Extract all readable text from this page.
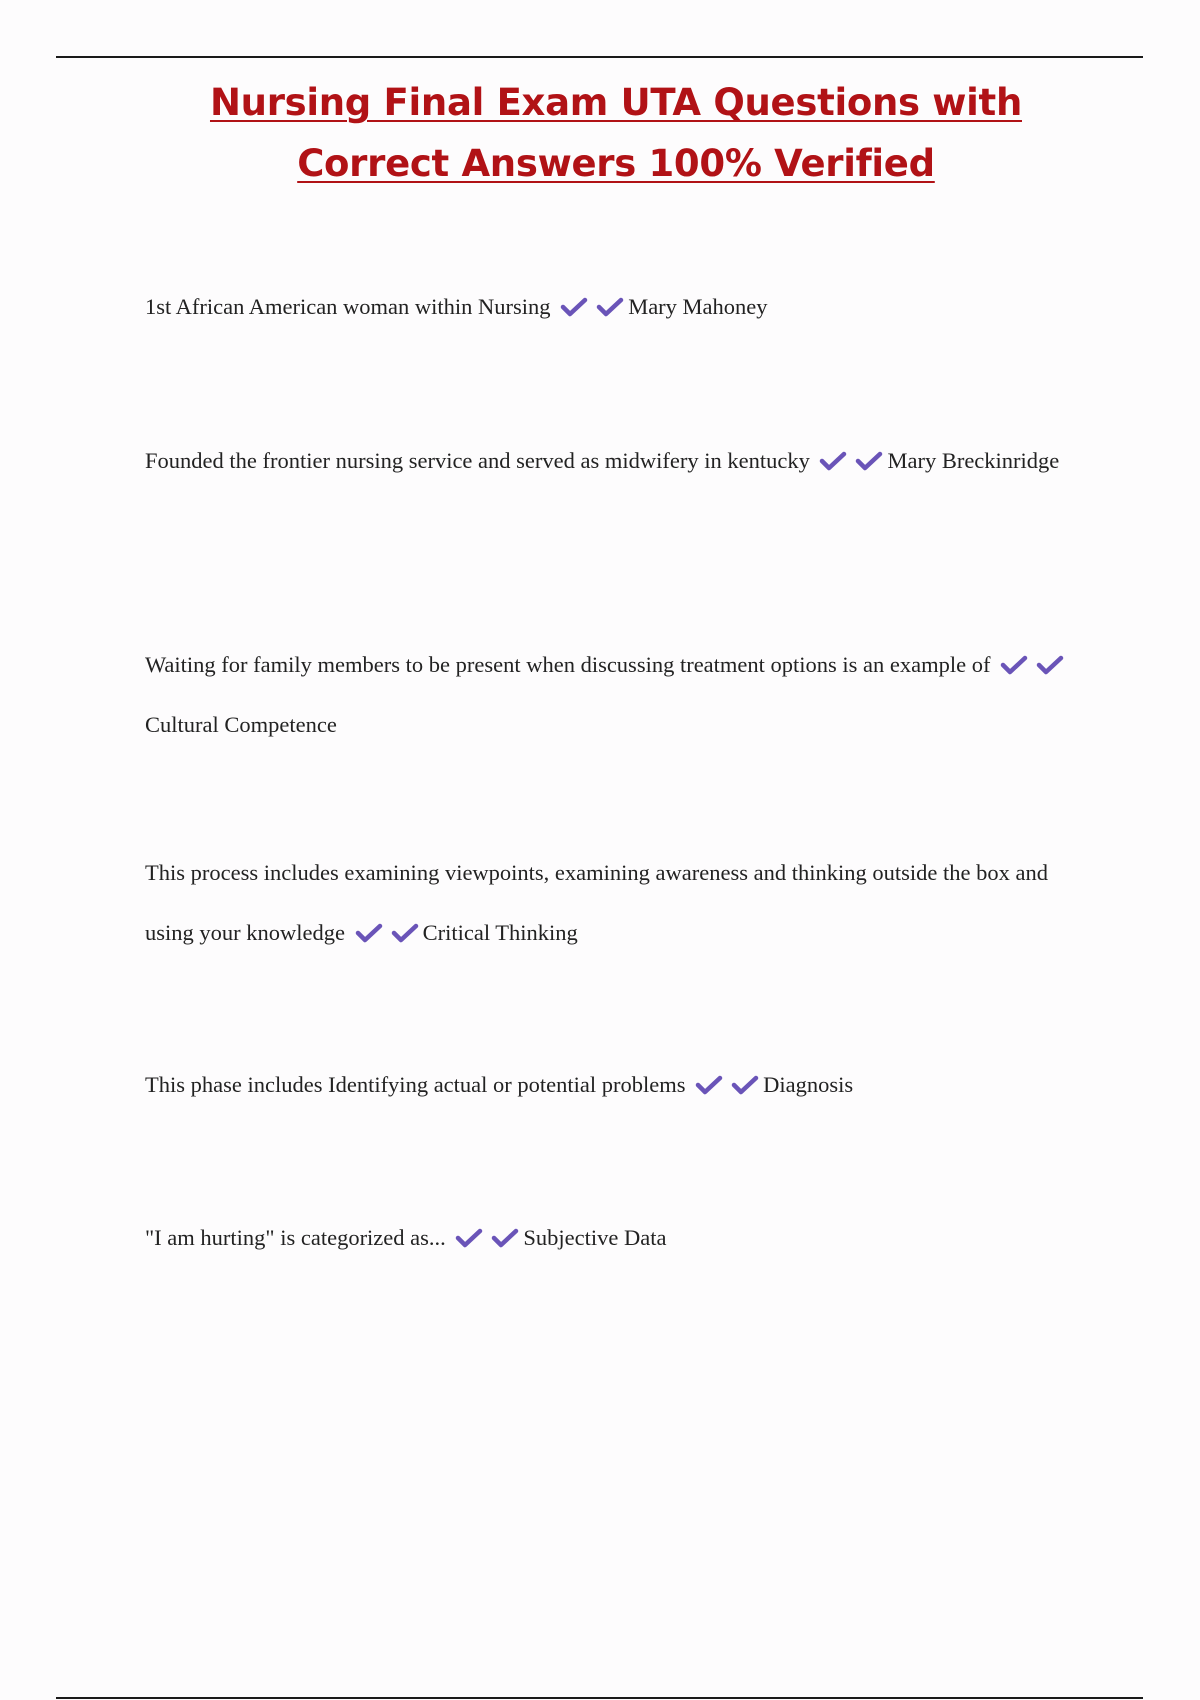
Nursing Final Exam UTA Questions with
Correct Answers 100% Verified
1st African American woman within Nursing	Mary Mahoney
Founded the frontier nursing service and served as midwifery in kentucky	Mary Breckinridge
Waiting for family members to be present when discussing treatment options is an example of
Cultural Competence
This process includes examining viewpoints, examining awareness and thinking outside the box and using your knowledge	Critical Thinking
This phase includes Identifying actual or potential problems	Diagnosis
"I am hurting" is categorized as...	Subjective Data
